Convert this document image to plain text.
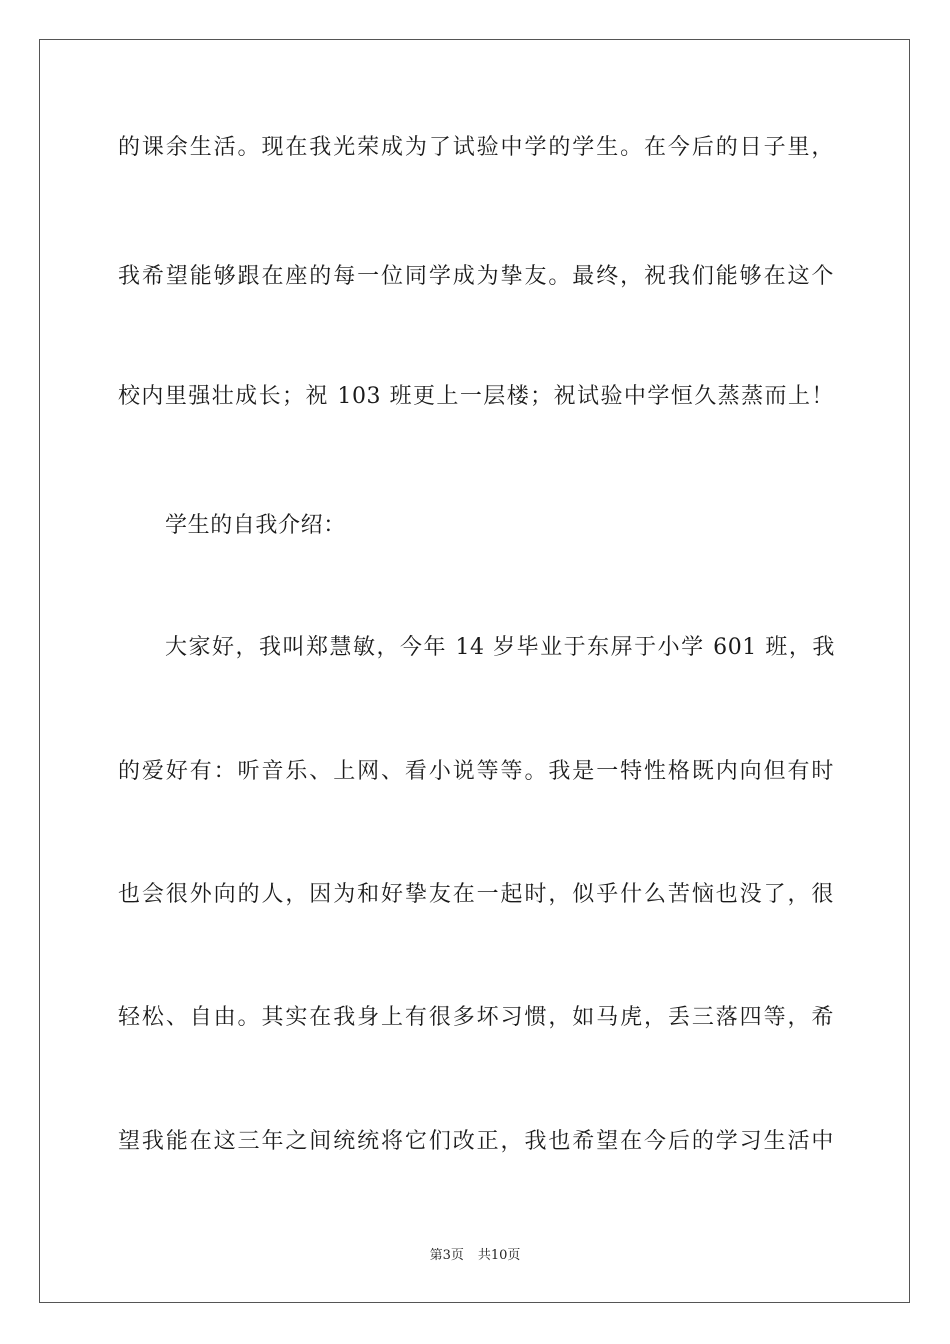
的课余生活。现在我光荣成为了试验中学的学生。在今后的日子里，
我希望能够跟在座的每一位同学成为挚友。最终，祝我们能够在这个
校内里强壮成长；祝 103 班更上一层楼；祝试验中学恒久蒸蒸而上！
学生的自我介绍：
大家好，我叫郑慧敏，今年 14 岁毕业于东屏于小学 601 班，我
的爱好有：听音乐、上网、看小说等等。我是一特性格既内向但有时
也会很外向的人，因为和好挚友在一起时，似乎什么苦恼也没了，很
轻松、自由。其实在我身上有很多坏习惯，如马虎，丢三落四等，希
望我能在这三年之间统统将它们改正，我也希望在今后的学习生活中
第3页 共10页
